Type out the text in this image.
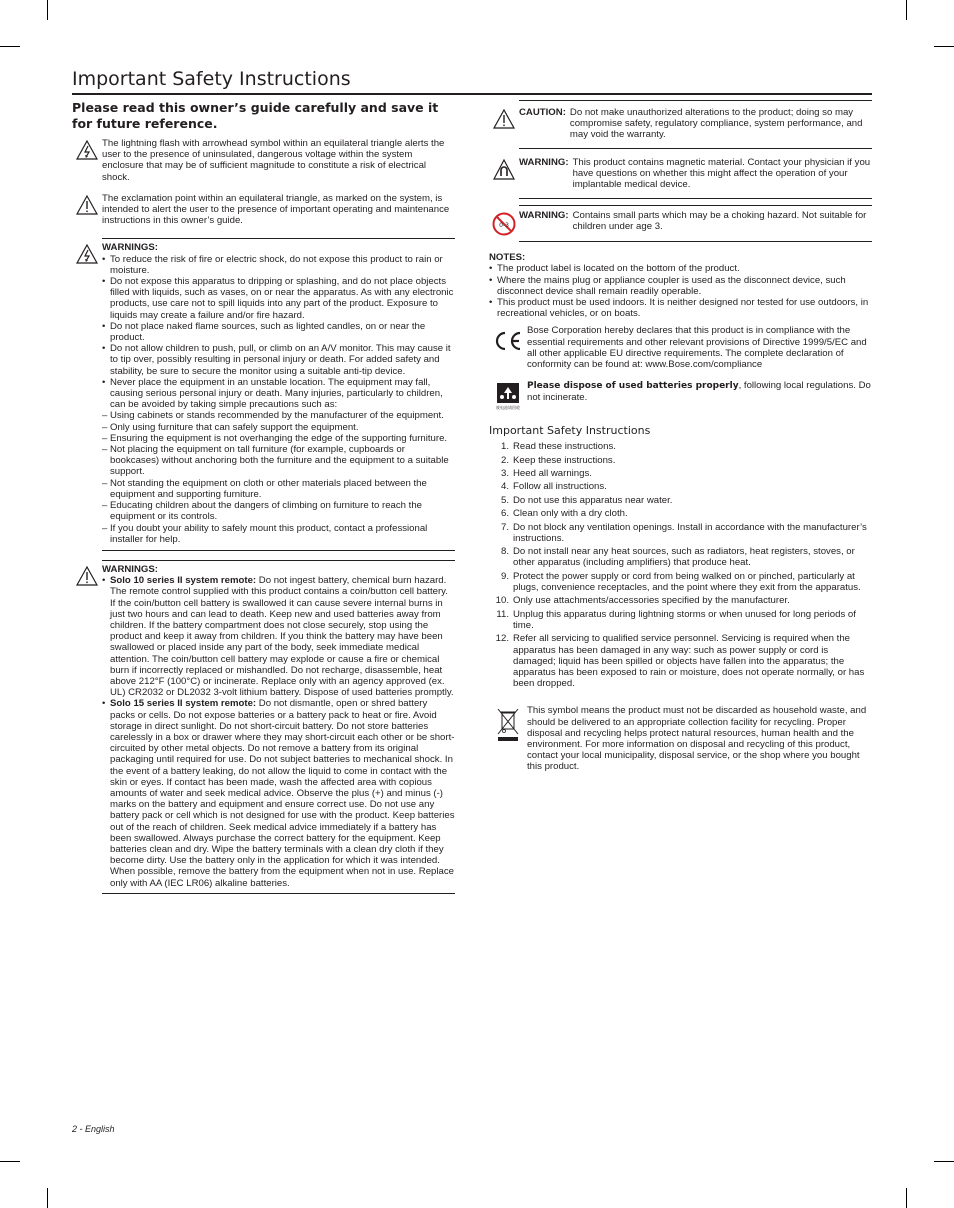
Important Safety Instructions

Please read this owner’s guide carefully and save it for future reference.

The lightning flash with arrowhead symbol within an equilateral triangle alerts the user to the presence of uninsulated, dangerous voltage within the system enclosure that may be of sufficient magnitude to constitute a risk of electrical shock.
The exclamation point within an equilateral triangle, as marked on the system, is intended to alert the user to the presence of important operating and maintenance instructions in this owner’s guide.
WARNINGS:
• To reduce the risk of fire or electric shock, do not expose this product to rain or moisture.
• Do not expose this apparatus to dripping or splashing, and do not place objects filled with liquids, such as vases, on or near the apparatus. As with any electronic products, use care not to spill liquids into any part of the product. Exposure to liquids may create a failure and/or fire hazard.
• Do not place naked flame sources, such as lighted candles, on or near the product.
• Do not allow children to push, pull, or climb on an A/V monitor. This may cause it to tip over, possibly resulting in personal injury or death. For added safety and stability, be sure to secure the monitor using a suitable anti-tip device.
• Never place the equipment in an unstable location. The equipment may fall, causing serious personal injury or death. Many injuries, particularly to children, can be avoided by taking simple precautions such as:
– Using cabinets or stands recommended by the manufacturer of the equipment.
– Only using furniture that can safely support the equipment.
– Ensuring the equipment is not overhanging the edge of the supporting furniture.
– Not placing the equipment on tall furniture (for example, cupboards or bookcases) without anchoring both the furniture and the equipment to a suitable support.
– Not standing the equipment on cloth or other materials placed between the equipment and supporting furniture.
– Educating children about the dangers of climbing on furniture to reach the equipment or its controls.
– If you doubt your ability to safely mount this product, contact a professional installer for help.
WARNINGS:
• Solo 10 series II system remote: Do not ingest battery, chemical burn hazard.
The remote control supplied with this product contains a coin/button cell battery. If the coin/button cell battery is swallowed it can cause severe internal burns in just two hours and can lead to death. Keep new and used batteries away from children. If the battery compartment does not close securely, stop using the product and keep it away from children. If you think the battery may have been swallowed or placed inside any part of the body, seek immediate medical attention. The coin/button cell battery may explode or cause a fire or chemical burn if incorrectly replaced or mishandled. Do not recharge, disassemble, heat above 212°F (100°C) or incinerate. Replace only with an agency approved (ex. UL) CR2032 or DL2032 3-volt lithium battery. Dispose of used batteries promptly.
• Solo 15 series II system remote: Do not dismantle, open or shred battery packs or cells. Do not expose batteries or a battery pack to heat or fire. Avoid storage in direct sunlight. Do not short-circuit battery. Do not store batteries carelessly in a box or drawer where they may short-circuit each other or be short-circuited by other metal objects. Do not remove a battery from its original packaging until required for use. Do not subject batteries to mechanical shock. In the event of a battery leaking, do not allow the liquid to come in contact with the skin or eyes. If contact has been made, wash the affected area with copious amounts of water and seek medical advice. Observe the plus (+) and minus (-) marks on the battery and equipment and ensure correct use. Do not use any battery pack or cell which is not designed for use with the product. Keep batteries out of the reach of children. Seek medical advice immediately if a battery has been swallowed. Always purchase the correct battery for the equipment. Keep batteries clean and dry. Wipe the battery terminals with a clean dry cloth if they become dirty. Use the battery only in the application for which it was intended. When possible, remove the battery from the equipment when not in use. Replace only with AA (IEC LR06) alkaline batteries.
CAUTION: Do not make unauthorized alterations to the product; doing so may compromise safety, regulatory compliance, system performance, and may void the warranty.
WARNING: This product contains magnetic material. Contact your physician if you have questions on whether this might affect the operation of your implantable medical device.
0-3
WARNING: Contains small parts which may be a choking hazard. Not suitable for children under age 3.
NOTES:
• The product label is located on the bottom of the product.
• Where the mains plug or appliance coupler is used as the disconnect device, such disconnect device shall remain readily operable.
• This product must be used indoors. It is neither designed nor tested for use outdoors, in recreational vehicles, or on boats.
Bose Corporation hereby declares that this product is in compliance with the essential requirements and other relevant provisions of Directive 1999/5/EC and all other applicable EU directive requirements. The complete declaration of conformity can be found at: www.Bose.com/compliance
废电池请回收
Please dispose of used batteries properly, following local regulations. Do not incinerate.
Important Safety Instructions
1. Read these instructions.
2. Keep these instructions.
3. Heed all warnings.
4. Follow all instructions.
5. Do not use this apparatus near water.
6. Clean only with a dry cloth.
7. Do not block any ventilation openings. Install in accordance with the manufacturer’s instructions.
8. Do not install near any heat sources, such as radiators, heat registers, stoves, or other apparatus (including amplifiers) that produce heat.
9. Protect the power supply or cord from being walked on or pinched, particularly at plugs, convenience receptacles, and the point where they exit from the apparatus.
10. Only use attachments/accessories specified by the manufacturer.
11. Unplug this apparatus during lightning storms or when unused for long periods of time.
12. Refer all servicing to qualified service personnel. Servicing is required when the apparatus has been damaged in any way: such as power supply or cord is damaged; liquid has been spilled or objects have fallen into the apparatus; the apparatus has been exposed to rain or moisture, does not operate normally, or has been dropped.
This symbol means the product must not be discarded as household waste, and should be delivered to an appropriate collection facility for recycling. Proper disposal and recycling helps protect natural resources, human health and the environment. For more information on disposal and recycling of this product, contact your local municipality, disposal service, or the shop where you bought this product.
2 - English
